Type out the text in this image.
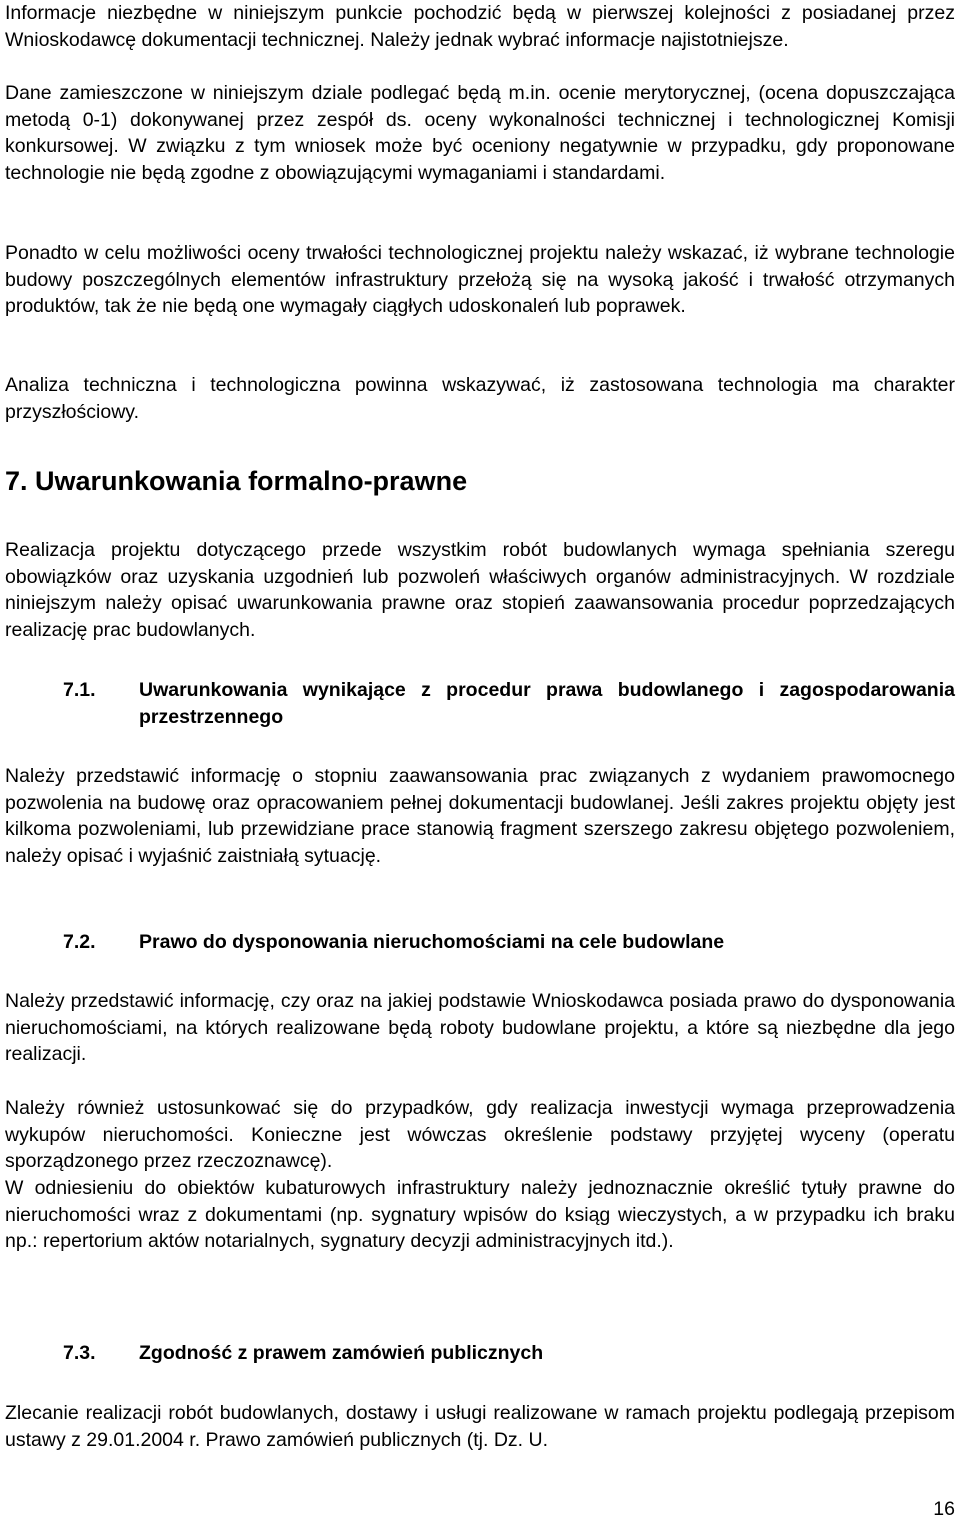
Informacje niezbędne w niniejszym punkcie pochodzić będą w pierwszej kolejności z posiadanej przez Wnioskodawcę dokumentacji technicznej. Należy jednak wybrać informacje najistotniejsze.

Dane zamieszczone w niniejszym dziale podlegać będą m.in. ocenie merytorycznej, (ocena dopuszczająca metodą 0-1) dokonywanej przez zespół ds. oceny wykonalności technicznej i technologicznej Komisji konkursowej. W związku z tym wniosek może być oceniony negatywnie w przypadku, gdy proponowane technologie nie będą zgodne z obowiązującymi wymaganiami i standardami.

Ponadto w celu możliwości oceny trwałości technologicznej projektu należy wskazać, iż wybrane technologie budowy poszczególnych elementów infrastruktury przełożą się na wysoką jakość i trwałość otrzymanych produktów, tak że nie będą one wymagały ciągłych udoskonaleń lub poprawek.

Analiza techniczna i technologiczna powinna wskazywać, iż zastosowana technologia ma charakter przyszłościowy.

7. Uwarunkowania formalno-prawne

Realizacja projektu dotyczącego przede wszystkim robót budowlanych wymaga spełniania szeregu obowiązków oraz uzyskania uzgodnień lub pozwoleń właściwych organów administracyjnych. W rozdziale niniejszym należy opisać uwarunkowania prawne oraz stopień zaawansowania procedur poprzedzających realizację prac budowlanych.

7.1. Uwarunkowania wynikające z procedur prawa budowlanego i zagospodarowania przestrzennego

Należy przedstawić informację o stopniu zaawansowania prac związanych z wydaniem prawomocnego pozwolenia na budowę oraz opracowaniem pełnej dokumentacji budowlanej. Jeśli zakres projektu objęty jest kilkoma pozwoleniami, lub przewidziane prace stanowią fragment szerszego zakresu objętego pozwoleniem, należy opisać i wyjaśnić zaistniałą sytuację.

7.2. Prawo do dysponowania nieruchomościami na cele budowlane

Należy przedstawić informację, czy oraz na jakiej podstawie Wnioskodawca posiada prawo do dysponowania nieruchomościami, na których realizowane będą roboty budowlane projektu, a które są niezbędne dla jego realizacji.

Należy również ustosunkować się do przypadków, gdy realizacja inwestycji wymaga przeprowadzenia wykupów nieruchomości. Konieczne jest wówczas określenie podstawy przyjętej wyceny (operatu sporządzonego przez rzeczoznawcę).

W odniesieniu do obiektów kubaturowych infrastruktury należy jednoznacznie określić tytuły prawne do nieruchomości wraz z dokumentami (np. sygnatury wpisów do ksiąg wieczystych, a w przypadku ich braku np.: repertorium aktów notarialnych, sygnatury decyzji administracyjnych itd.).

7.3. Zgodność z prawem zamówień publicznych

Zlecanie realizacji robót budowlanych, dostawy i usługi realizowane w ramach projektu podlegają przepisom ustawy z 29.01.2004 r. Prawo zamówień publicznych (tj. Dz. U.

16
